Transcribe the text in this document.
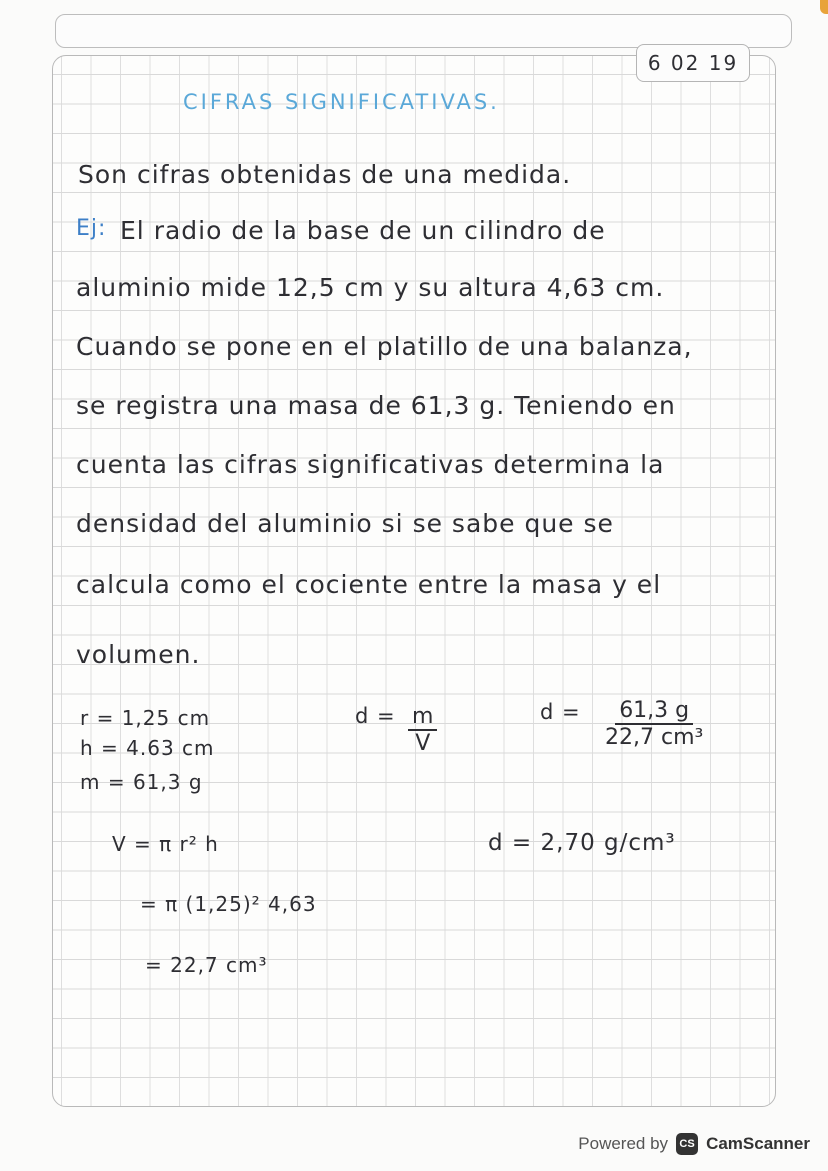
6 02 19
CIFRAS SIGNIFICATIVAS.
Son cifras obtenidas de una medida.
Ej: El radio de la base de un cilindro de
aluminio mide 12,5 cm y su altura 4,63 cm.
Cuando se pone en el platillo de una balanza,
se registra una masa de 61,3 g. Teniendo en
cuenta las cifras significativas determina la
densidad del aluminio si se sabe que se
calcula como el cociente entre la masa y el
volumen.
r = 1,25 cm
h = 4.63 cm
m = 61,3 g
V = π r² h
= π (1,25)² 4,63
= 22,7 cm³
$d = \frac{m}{V}$	$d = \frac{61,3 g}{\text{22,7 cm³}}$
d = 2,70 g/cm³
Powered by	CS CamScanner
